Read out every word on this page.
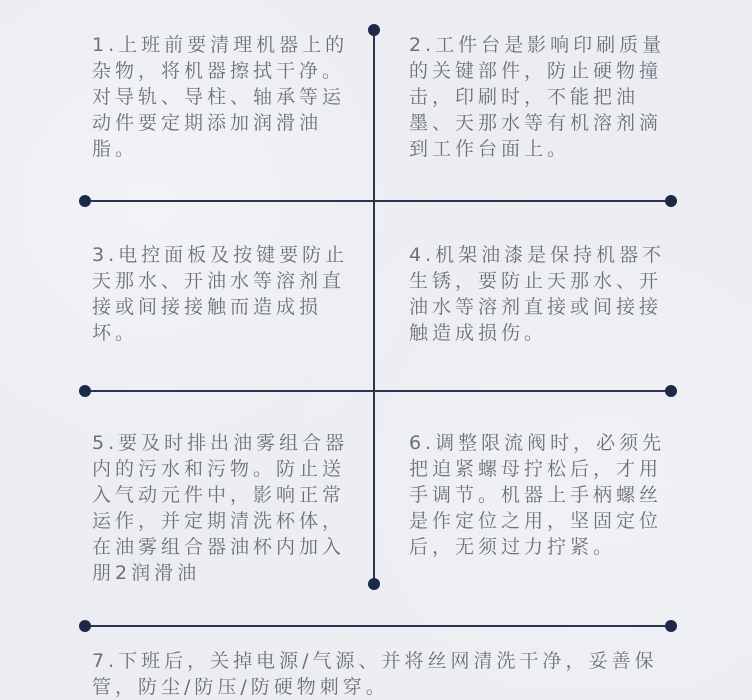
1.上班前要清理机器上的杂物，将机器擦拭干净。对导轨、导柱、轴承等运动件要定期添加润滑油脂。

2.工件台是影响印刷质量的关键部件，防止硬物撞击，印刷时，不能把油墨、天那水等有机溶剂滴到工作台面上。

3.电控面板及按键要防止天那水、开油水等溶剂直接或间接接触而造成损坏。

4.机架油漆是保持机器不生锈，要防止天那水、开油水等溶剂直接或间接接触造成损伤。

5.要及时排出油雾组合器内的污水和污物。防止送入气动元件中，影响正常运作，并定期清洗杯体，在油雾组合器油杯内加入朋2润滑油

6.调整限流阀时，必须先把迫紧螺母拧松后，才用手调节。机器上手柄螺丝是作定位之用，坚固定位后，无须过力拧紧。

7.下班后，关掉电源/气源、并将丝网清洗干净，妥善保管，防尘/防压/防硬物刺穿。
